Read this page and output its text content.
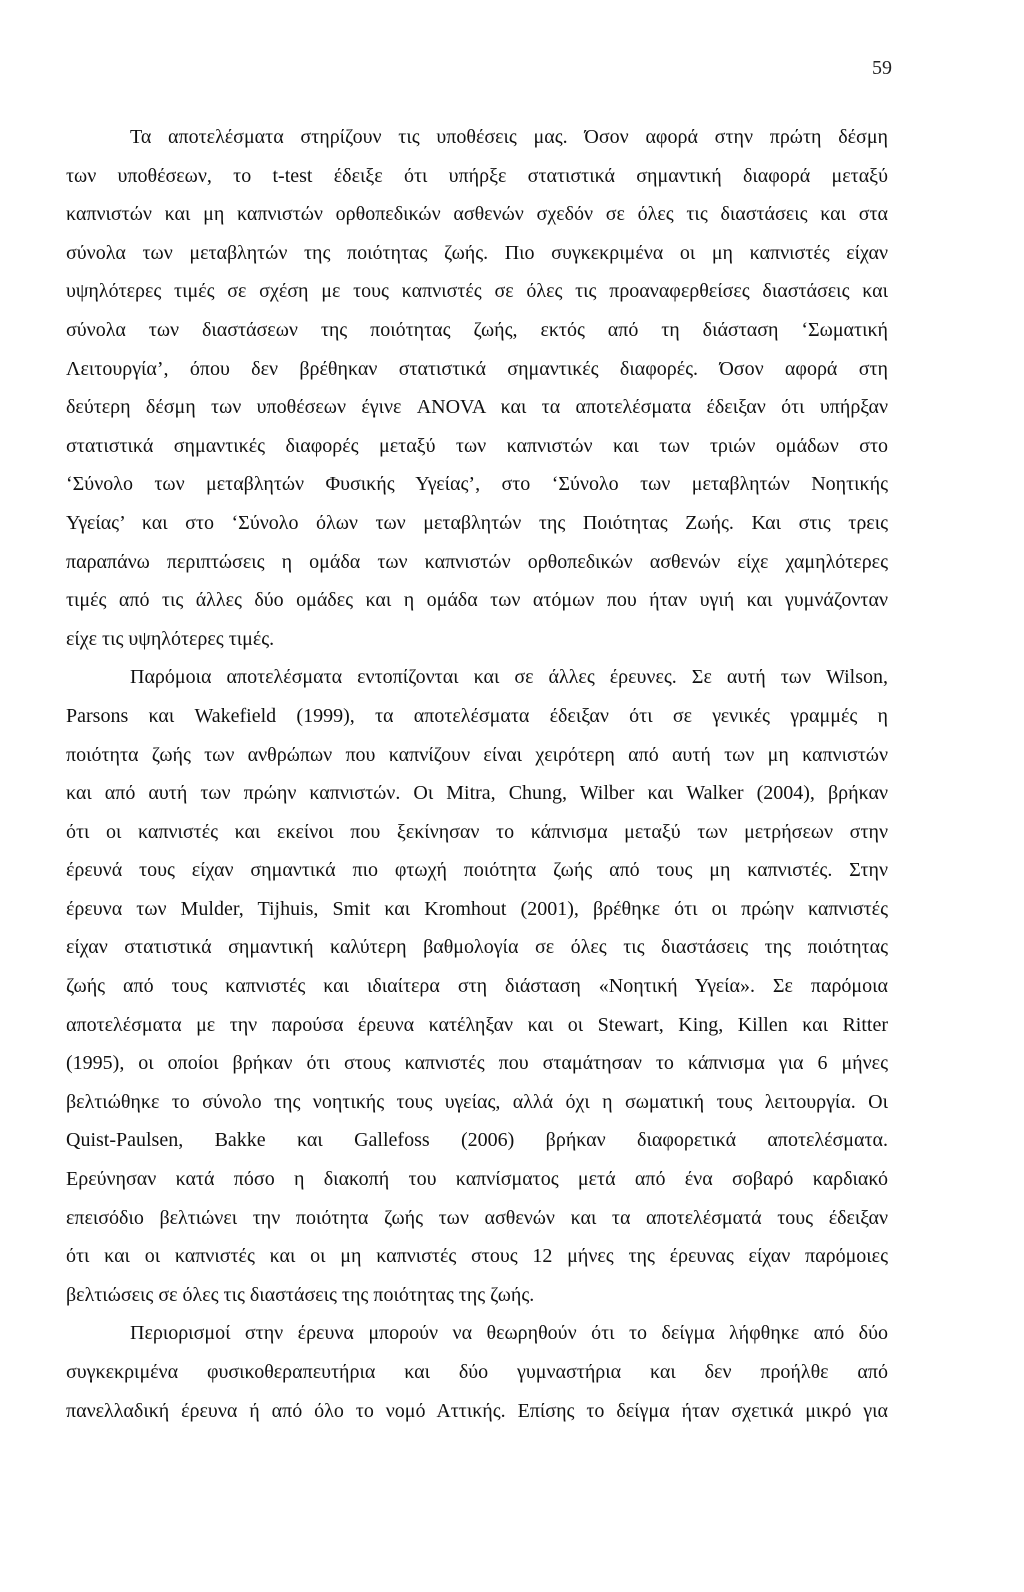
59

Τα αποτελέσματα στηρίζουν τις υποθέσεις μας. Όσον αφορά στην πρώτη δέσμη
των υποθέσεων, το t-test έδειξε ότι υπήρξε στατιστικά σημαντική διαφορά μεταξύ
καπνιστών και μη καπνιστών ορθοπεδικών ασθενών σχεδόν σε όλες τις διαστάσεις και στα
σύνολα των μεταβλητών της ποιότητας ζωής. Πιο συγκεκριμένα οι μη καπνιστές είχαν
υψηλότερες τιμές σε σχέση με τους καπνιστές σε όλες τις προαναφερθείσες διαστάσεις και
σύνολα των διαστάσεων της ποιότητας ζωής, εκτός από τη διάσταση ‘Σωματική
Λειτουργία’, όπου δεν βρέθηκαν στατιστικά σημαντικές διαφορές. Όσον αφορά στη
δεύτερη δέσμη των υποθέσεων έγινε ANOVA και τα αποτελέσματα έδειξαν ότι υπήρξαν
στατιστικά σημαντικές διαφορές μεταξύ των καπνιστών και των τριών ομάδων στο
‘Σύνολο των μεταβλητών Φυσικής Υγείας’, στο ‘Σύνολο των μεταβλητών Νοητικής
Υγείας’ και στο ‘Σύνολο όλων των μεταβλητών της Ποιότητας Ζωής. Και στις τρεις
παραπάνω περιπτώσεις η ομάδα των καπνιστών ορθοπεδικών ασθενών είχε χαμηλότερες
τιμές από τις άλλες δύο ομάδες και η ομάδα των ατόμων που ήταν υγιή και γυμνάζονταν
είχε τις υψηλότερες τιμές.

Παρόμοια αποτελέσματα εντοπίζονται και σε άλλες έρευνες. Σε αυτή των Wilson,
Parsons και Wakefield (1999), τα αποτελέσματα έδειξαν ότι σε γενικές γραμμές η
ποιότητα ζωής των ανθρώπων που καπνίζουν είναι χειρότερη από αυτή των μη καπνιστών
και από αυτή των πρώην καπνιστών. Οι Mitra, Chung, Wilber και Walker (2004), βρήκαν
ότι οι καπνιστές και εκείνοι που ξεκίνησαν το κάπνισμα μεταξύ των μετρήσεων στην
έρευνά τους είχαν σημαντικά πιο φτωχή ποιότητα ζωής από τους μη καπνιστές. Στην
έρευνα των Mulder, Tijhuis, Smit και Kromhout (2001), βρέθηκε ότι οι πρώην καπνιστές
είχαν στατιστικά σημαντική καλύτερη βαθμολογία σε όλες τις διαστάσεις της ποιότητας
ζωής από τους καπνιστές και ιδιαίτερα στη διάσταση «Νοητική Υγεία». Σε παρόμοια
αποτελέσματα με την παρούσα έρευνα κατέληξαν και οι Stewart, King, Killen και Ritter
(1995), οι οποίοι βρήκαν ότι στους καπνιστές που σταμάτησαν το κάπνισμα για 6 μήνες
βελτιώθηκε το σύνολο της νοητικής τους υγείας, αλλά όχι η σωματική τους λειτουργία. Οι
Quist-Paulsen, Bakke και Gallefoss (2006) βρήκαν διαφορετικά αποτελέσματα.
Ερεύνησαν κατά πόσο η διακοπή του καπνίσματος μετά από ένα σοβαρό καρδιακό
επεισόδιο βελτιώνει την ποιότητα ζωής των ασθενών και τα αποτελέσματά τους έδειξαν
ότι και οι καπνιστές και οι μη καπνιστές στους 12 μήνες της έρευνας είχαν παρόμοιες
βελτιώσεις σε όλες τις διαστάσεις της ποιότητας της ζωής.

Περιορισμοί στην έρευνα μπορούν να θεωρηθούν ότι το δείγμα λήφθηκε από δύο
συγκεκριμένα φυσικοθεραπευτήρια και δύο γυμναστήρια και δεν προήλθε από
πανελλαδική έρευνα ή από όλο το νομό Αττικής. Επίσης το δείγμα ήταν σχετικά μικρό για
